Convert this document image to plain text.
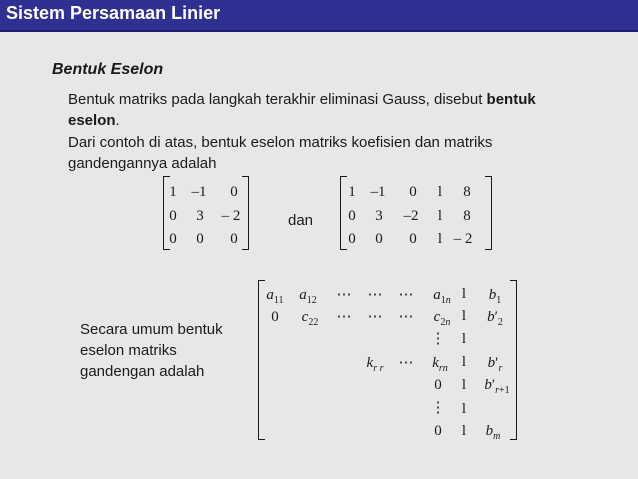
Sistem Persamaan Linier
Bentuk Eselon
Bentuk matriks pada langkah terakhir eliminasi Gauss, disebut bentuk eselon.
Dari contoh di atas, bentuk eselon matriks koefisien dan matriks gandengannya adalah
1 –1 0
0 3 – 2
0 0 0
dan
1 –1 0 l 8
0 3 –2 l 8
0 0 0 l – 2
Secara umum bentuk eselon matriks gandengan adalah
$a_{11}$ $a_{12}$ ⋯ ⋯ ⋯ $a_{1n}$ l $b_1$
0 $c_{22}$ ⋯ ⋯ ⋯ $c_{2n}$ l $b'_2$
⋮ l
$k_{r r}$ ⋯ $k_{rn}$ l $b'_r$
0 l $b'_{r+1}$
⋮ l
0 l $b_m$
